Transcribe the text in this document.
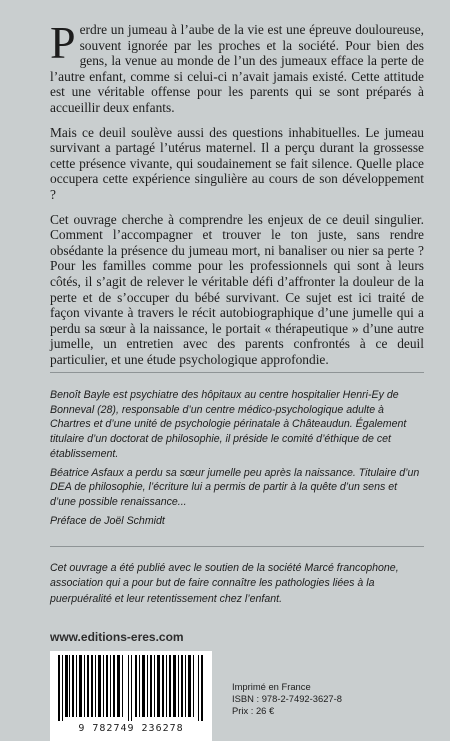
Perdre un jumeau à l’aube de la vie est une épreuve douloureuse, souvent ignorée par les proches et la société. Pour bien des gens, la venue au monde de l’un des jumeaux efface la perte de l’autre enfant, comme si celui-ci n’avait jamais existé. Cette attitude est une véritable offense pour les parents qui se sont préparés à accueillir deux enfants.

Mais ce deuil soulève aussi des questions inhabituelles. Le jumeau survivant a partagé l’utérus maternel. Il a perçu durant la grossesse cette présence vivante, qui soudainement se fait silence. Quelle place occupera cette expérience singulière au cours de son développement ?

Cet ouvrage cherche à comprendre les enjeux de ce deuil singulier. Comment l’accompagner et trouver le ton juste, sans rendre obsédante la présence du jumeau mort, ni banaliser ou nier sa perte ? Pour les familles comme pour les professionnels qui sont à leurs côtés, il s’agit de relever le véritable défi d’affronter la douleur de la perte et de s’occuper du bébé survivant. Ce sujet est ici traité de façon vivante à travers le récit autobiographique d’une jumelle qui a perdu sa sœur à la naissance, le portait « thérapeutique » d’une autre jumelle, un entretien avec des parents confrontés à ce deuil particulier, et une étude psychologique approfondie.

Benoît Bayle est psychiatre des hôpitaux au centre hospitalier Henri-Ey de Bonneval (28), responsable d’un centre médico-psychologique adulte à Chartres et d’une unité de psychologie périnatale à Châteaudun. Également titulaire d’un doctorat de philosophie, il préside le comité d’éthique de cet établissement.

Béatrice Asfaux a perdu sa sœur jumelle peu après la naissance. Titulaire d’un DEA de philosophie, l’écriture lui a permis de partir à la quête d’un sens et d’une possible renaissance...

Préface de Joël Schmidt

Cet ouvrage a été publié avec le soutien de la société Marcé francophone, association qui a pour but de faire connaître les pathologies liées à la puerpuéralité et leur retentissement chez l’enfant.
www.editions-eres.com
9 782749 236278
Imprimé en France
ISBN : 978-2-7492-3627-8
Prix : 26 €
